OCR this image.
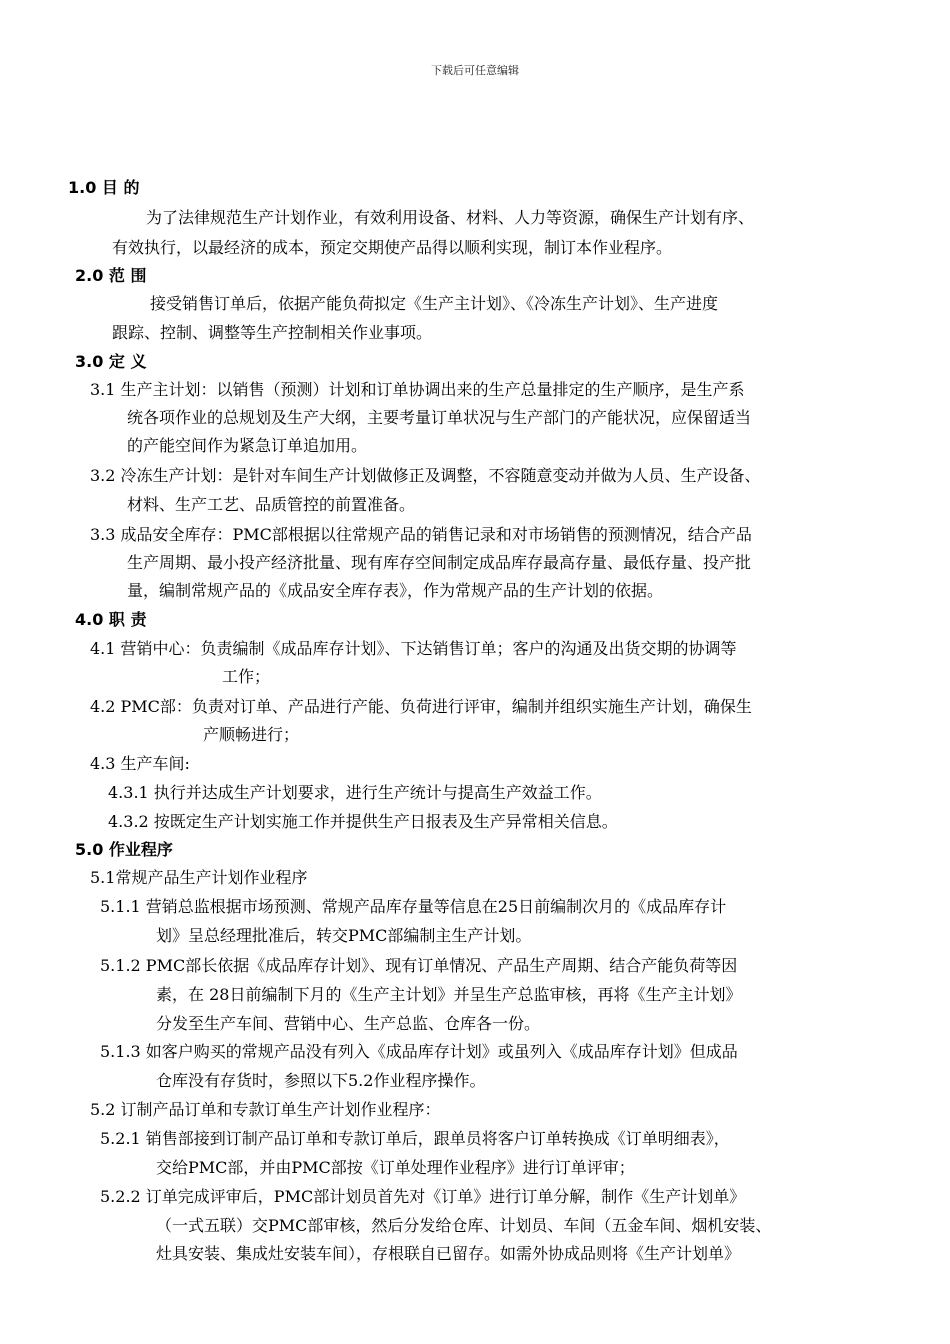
下载后可任意编辑
1.0 目 的
为了法律规范生产计划作业，有效利用设备、材料、人力等资源，确保生产计划有序、
有效执行，以最经济的成本，预定交期使产品得以顺利实现，制订本作业程序。
2.0 范 围
接受销售订单后，依据产能负荷拟定《生产主计划》、《冷冻生产计划》、生产进度
跟踪、控制、调整等生产控制相关作业事项。
3.0 定 义
3.1 生产主计划：以销售（预测）计划和订单协调出来的生产总量排定的生产顺序，是生产系
统各项作业的总规划及生产大纲，主要考量订单状况与生产部门的产能状况，应保留适当
的产能空间作为紧急订单追加用。
3.2 冷冻生产计划：是针对车间生产计划做修正及调整，不容随意变动并做为人员、生产设备、
材料、生产工艺、品质管控的前置准备。
3.3 成品安全库存：PMC部根据以往常规产品的销售记录和对市场销售的预测情况，结合产品
生产周期、最小投产经济批量、现有库存空间制定成品库存最高存量、最低存量、投产批
量，编制常规产品的《成品安全库存表》，作为常规产品的生产计划的依据。
4.0 职 责
4.1 营销中心：负责编制《成品库存计划》、下达销售订单；客户的沟通及出货交期的协调等
工作；
4.2 PMC部：负责对订单、产品进行产能、负荷进行评审，编制并组织实施生产计划，确保生
产顺畅进行；
4.3 生产车间:
4.3.1 执行并达成生产计划要求，进行生产统计与提高生产效益工作。
4.3.2 按既定生产计划实施工作并提供生产日报表及生产异常相关信息。
5.0 作业程序
5.1常规产品生产计划作业程序
5.1.1 营销总监根据市场预测、常规产品库存量等信息在25日前编制次月的《成品库存计
划》呈总经理批准后，转交PMC部编制主生产计划。
5.1.2 PMC部长依据《成品库存计划》、现有订单情况、产品生产周期、结合产能负荷等因
素，在 28日前编制下月的《生产主计划》并呈生产总监审核，再将《生产主计划》
分发至生产车间、营销中心、生产总监、仓库各一份。
5.1.3 如客户购买的常规产品没有列入《成品库存计划》或虽列入《成品库存计划》但成品
仓库没有存货时，参照以下5.2作业程序操作。
5.2 订制产品订单和专款订单生产计划作业程序：
5.2.1 销售部接到订制产品订单和专款订单后，跟单员将客户订单转换成《订单明细表》，
交给PMC部，并由PMC部按《订单处理作业程序》进行订单评审；
5.2.2 订单完成评审后，PMC部计划员首先对《订单》进行订单分解，制作《生产计划单》
（一式五联）交PMC部审核，然后分发给仓库、计划员、车间（五金车间、烟机安装、
灶具安装、集成灶安装车间），存根联自已留存。如需外协成品则将《生产计划单》
